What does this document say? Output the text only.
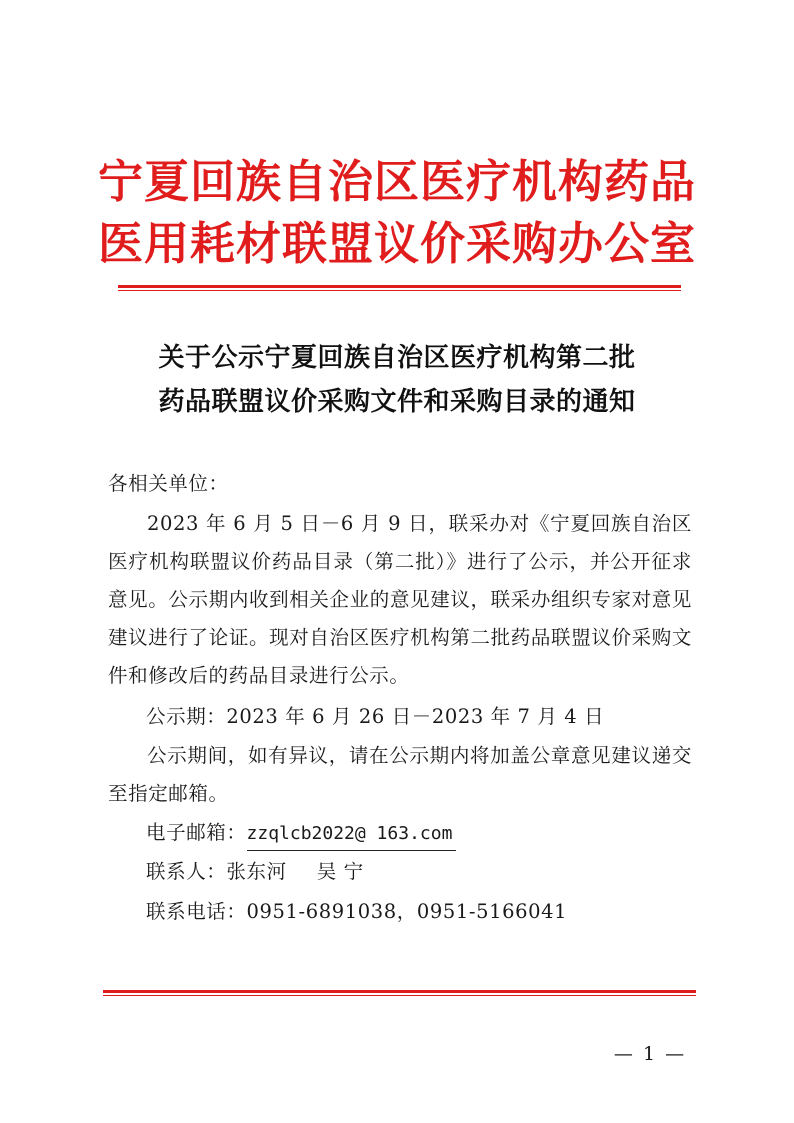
宁夏回族自治区医疗机构药品
医用耗材联盟议价采购办公室
关于公示宁夏回族自治区医疗机构第二批
药品联盟议价采购文件和采购目录的通知
各相关单位：
2023 年 6 月 5 日－6 月 9 日，联采办对《宁夏回族自治区医疗机构联盟议价药品目录（第二批）》进行了公示，并公开征求意见。公示期内收到相关企业的意见建议，联采办组织专家对意见建议进行了论证。现对自治区医疗机构第二批药品联盟议价采购文件和修改后的药品目录进行公示。
公示期：2023 年 6 月 26 日－2023 年 7 月 4 日
公示期间，如有异议，请在公示期内将加盖公章意见建议递交至指定邮箱。
电子邮箱：zzqlcb2022@ 163.com
联系人：张东河 吴 宁
联系电话：0951-6891038，0951-5166041
— 1 —
